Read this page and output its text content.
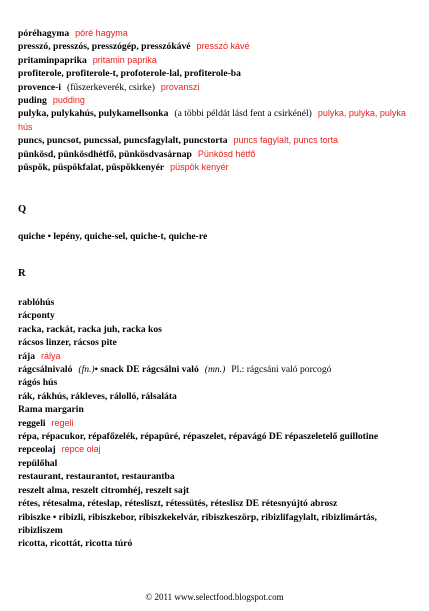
póréhagyma póré hagyma
presszó, presszós, presszógép, presszókávé presszó kávé
pritaminpaprika pritamin paprika
profiterole, profiterole-t, profoterole-lal, profiterole-ba
provence-i (fűszerkeverék, csirke) provanszi
puding pudding
pulyka, pulykahús, pulykamellsonka (a többi példát lásd fent a csirkénél) pulyka, pulyka, pulyka hús
puncs, puncsot, puncssal, puncsfagylalt, puncstorta puncs fagylalt, puncs torta
pünkösd, pünkösdhétfő, pünkösdvasárnap Pünkösd hétfő
püspök, püspökfalat, püspökkenyér püspök kenyér
Q
quiche • lepény, quiche-sel, quiche-t, quiche-re
R
rablóhús
rácponty
racka, rackát, racka juh, racka kos
rácsos linzer, rácsos pite
rája rálya
rágcsálnivaló (fn.)• snack DE rágcsálni való (mn.) Pl.: rágcsáni való porcogó
rágós hús
rák, rákhús, rákleves, rálolló, rálsaláta
Rama margarin
reggeli regeli
répa, répacukor, répafőzelék, répapüré, répaszelet, répavágó DE répaszeletelő guillotine
repceolaj repce olaj
repülőhal
restaurant, restaurantot, restaurantba
reszelt alma, reszelt citromhéj, reszelt sajt
rétes, rétesalma, réteslap, rétesliszt, rétessütés, réteslisz DE rétesnyújtó abrosz
ribiszke • ribizli, ribiszkebor, ribiszkekelvár, ribiszkeszörp, ribizlifagylalt, ribizlimártás, ribizliszem
ricotta, ricottát, ricotta túró
© 2011 www.selectfood.blogspot.com
